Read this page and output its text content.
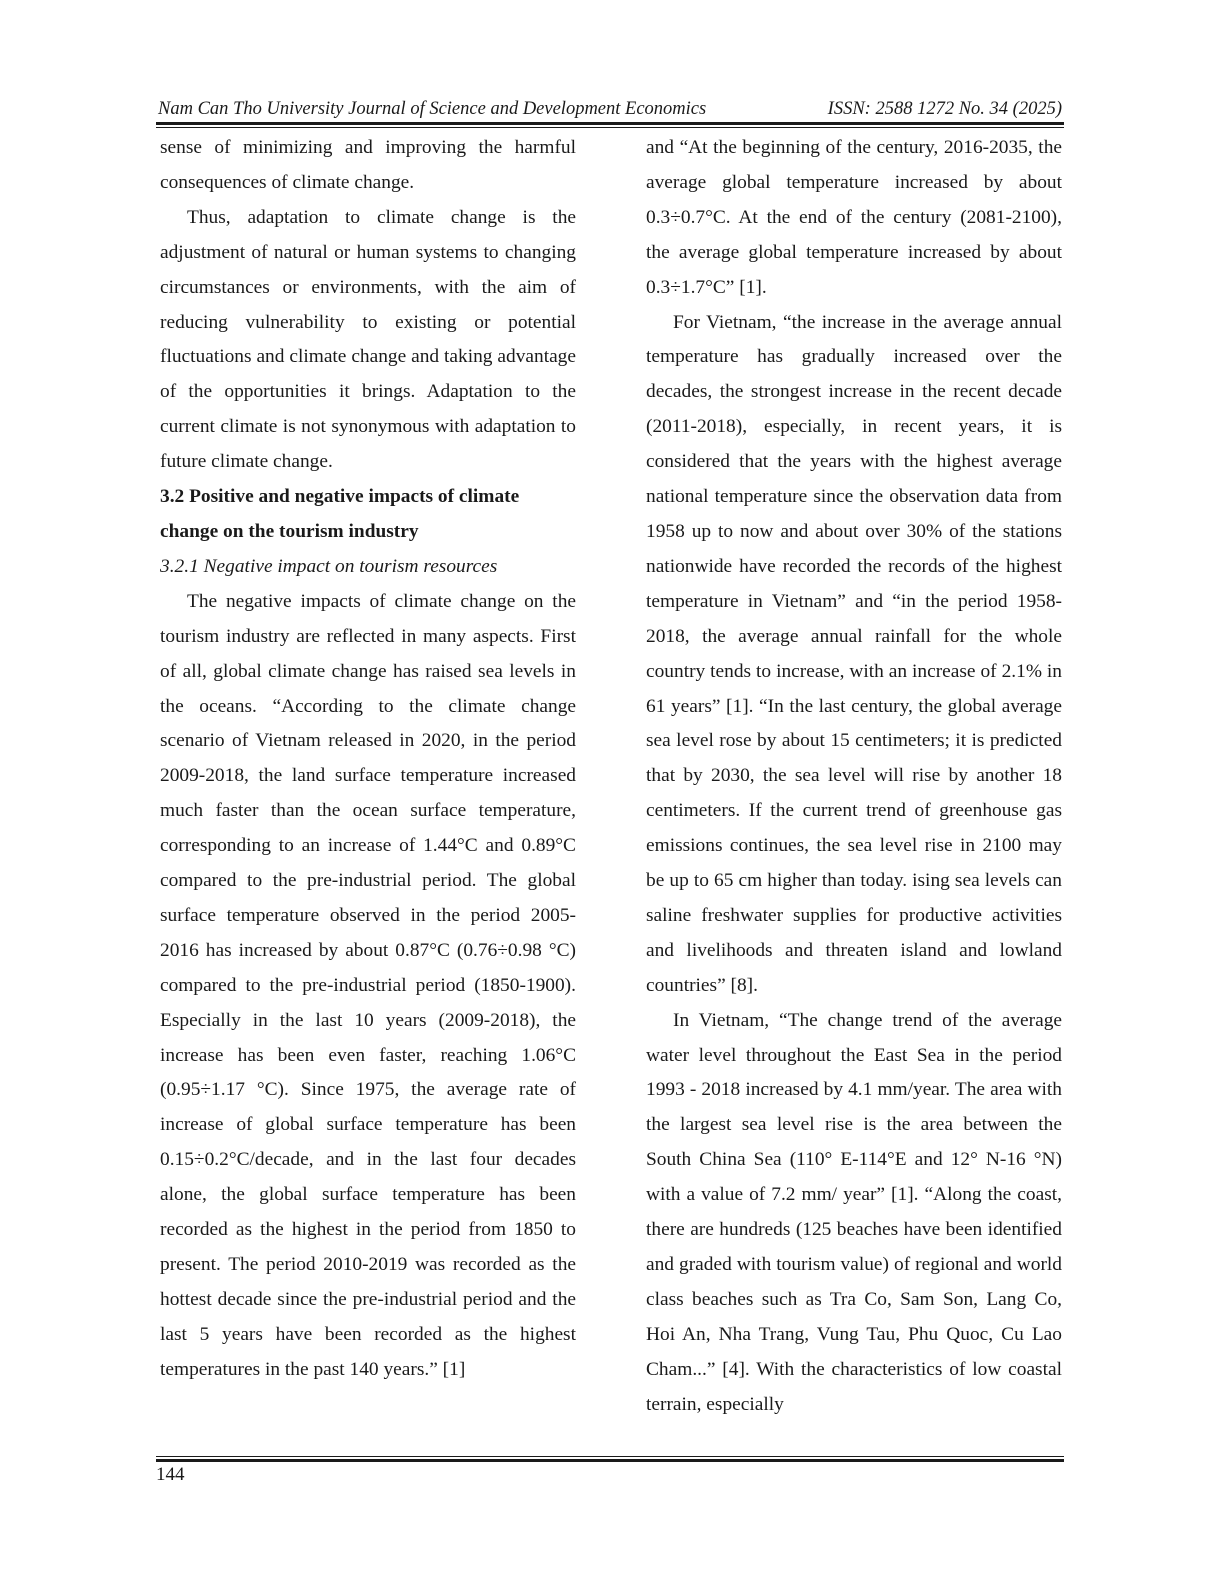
Nam Can Tho University Journal of Science and Development Economics	ISSN: 2588 1272 No. 34 (2025)

sense of minimizing and improving the harmful consequences of climate change.

Thus, adaptation to climate change is the adjustment of natural or human systems to changing circumstances or environments, with the aim of reducing vulnerability to existing or potential fluctuations and climate change and taking advantage of the opportunities it brings. Adaptation to the current climate is not synonymous with adaptation to future climate change.

3.2 Positive and negative impacts of climate change on the tourism industry

3.2.1 Negative impact on tourism resources

The negative impacts of climate change on the tourism industry are reflected in many aspects. First of all, global climate change has raised sea levels in the oceans. “According to the climate change scenario of Vietnam released in 2020, in the period 2009-2018, the land surface temperature increased much faster than the ocean surface temperature, corresponding to an increase of 1.44°C and 0.89°C compared to the pre-industrial period. The global surface temperature observed in the period 2005-2016 has increased by about 0.87°C (0.76÷0.98 °C) compared to the pre-industrial period (1850-1900). Especially in the last 10 years (2009-2018), the increase has been even faster, reaching 1.06°C (0.95÷1.17 °C). Since 1975, the average rate of increase of global surface temperature has been 0.15÷0.2°C/decade, and in the last four decades alone, the global surface temperature has been recorded as the highest in the period from 1850 to present. The period 2010-2019 was recorded as the hottest decade since the pre-industrial period and the last 5 years have been recorded as the highest temperatures in the past 140 years.” [1]

and “At the beginning of the century, 2016-2035, the average global temperature increased by about 0.3÷0.7°C. At the end of the century (2081-2100), the average global temperature increased by about 0.3÷1.7°C” [1].

For Vietnam, “the increase in the average annual temperature has gradually increased over the decades, the strongest increase in the recent decade (2011-2018), especially, in recent years, it is considered that the years with the highest average national temperature since the observation data from 1958 up to now and about over 30% of the stations nationwide have recorded the records of the highest temperature in Vietnam” and “in the period 1958-2018, the average annual rainfall for the whole country tends to increase, with an increase of 2.1% in 61 years” [1]. “In the last century, the global average sea level rose by about 15 centimeters; it is predicted that by 2030, the sea level will rise by another 18 centimeters. If the current trend of greenhouse gas emissions continues, the sea level rise in 2100 may be up to 65 cm higher than today. ising sea levels can saline freshwater supplies for productive activities and livelihoods and threaten island and lowland countries” [8].

In Vietnam, “The change trend of the average water level throughout the East Sea in the period 1993 - 2018 increased by 4.1 mm/year. The area with the largest sea level rise is the area between the South China Sea (110° E-114°E and 12° N-16 °N) with a value of 7.2 mm/ year” [1]. “Along the coast, there are hundreds (125 beaches have been identified and graded with tourism value) of regional and world class beaches such as Tra Co, Sam Son, Lang Co, Hoi An, Nha Trang, Vung Tau, Phu Quoc, Cu Lao Cham...” [4]. With the characteristics of low coastal terrain, especially

144
